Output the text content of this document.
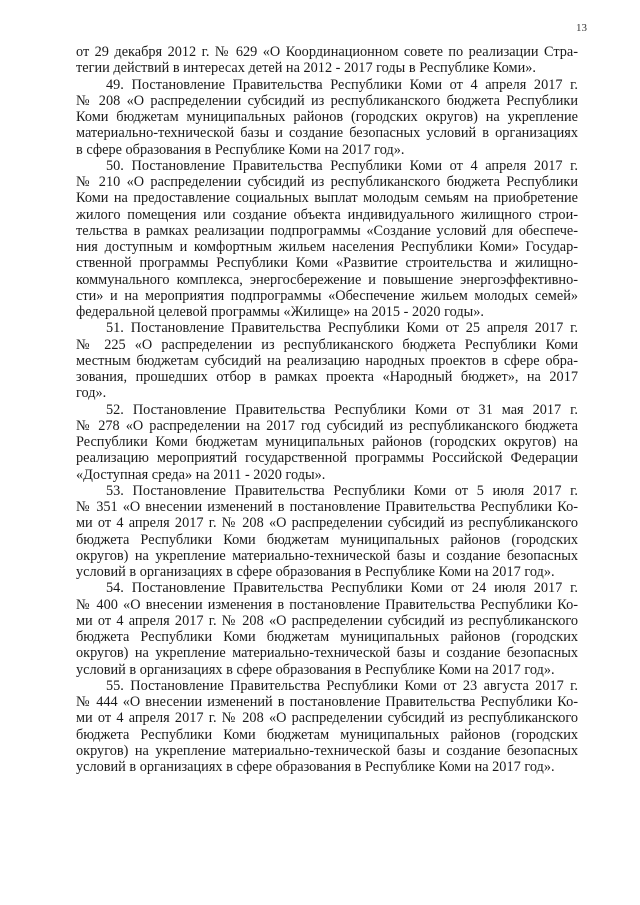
13
от 29 декабря 2012 г. № 629 «О Координационном совете по реализации Стра-
тегии действий в интересах детей на 2012 - 2017 годы в Республике Коми».
49. Постановление Правительства Республики Коми от 4 апреля 2017 г.
№ 208 «О распределении субсидий из республиканского бюджета Республики
Коми бюджетам муниципальных районов (городских округов) на укрепление
материально-технической базы и создание безопасных условий в организациях
в сфере образования в Республике Коми на 2017 год».
50. Постановление Правительства Республики Коми от 4 апреля 2017 г.
№ 210 «О распределении субсидий из республиканского бюджета Республики
Коми на предоставление социальных выплат молодым семьям на приобретение
жилого помещения или создание объекта индивидуального жилищного строи-
тельства в рамках реализации подпрограммы «Создание условий для обеспече-
ния доступным и комфортным жильем населения Республики Коми» Государ-
ственной программы Республики Коми «Развитие строительства и жилищно-
коммунального комплекса, энергосбережение и повышение энергоэффективно-
сти» и на мероприятия подпрограммы «Обеспечение жильем молодых семей»
федеральной целевой программы «Жилище» на 2015 - 2020 годы».
51. Постановление Правительства Республики Коми от 25 апреля 2017 г.
№ 225 «О распределении из республиканского бюджета Республики Коми
местным бюджетам субсидий на реализацию народных проектов в сфере обра-
зования, прошедших отбор в рамках проекта «Народный бюджет», на 2017
год».
52. Постановление Правительства Республики Коми от 31 мая 2017 г.
№ 278 «О распределении на 2017 год субсидий из республиканского бюджета
Республики Коми бюджетам муниципальных районов (городских округов) на
реализацию мероприятий государственной программы Российской Федерации
«Доступная среда» на 2011 - 2020 годы».
53. Постановление Правительства Республики Коми от 5 июля 2017 г.
№ 351 «О внесении изменений в постановление Правительства Республики Ко-
ми от 4 апреля 2017 г. № 208 «О распределении субсидий из республиканского
бюджета Республики Коми бюджетам муниципальных районов (городских
округов) на укрепление материально-технической базы и создание безопасных
условий в организациях в сфере образования в Республике Коми на 2017 год».
54. Постановление Правительства Республики Коми от 24 июля 2017 г.
№ 400 «О внесении изменения в постановление Правительства Республики Ко-
ми от 4 апреля 2017 г. № 208 «О распределении субсидий из республиканского
бюджета Республики Коми бюджетам муниципальных районов (городских
округов) на укрепление материально-технической базы и создание безопасных
условий в организациях в сфере образования в Республике Коми на 2017 год».
55. Постановление Правительства Республики Коми от 23 августа 2017 г.
№ 444 «О внесении изменений в постановление Правительства Республики Ко-
ми от 4 апреля 2017 г. № 208 «О распределении субсидий из республиканского
бюджета Республики Коми бюджетам муниципальных районов (городских
округов) на укрепление материально-технической базы и создание безопасных
условий в организациях в сфере образования в Республике Коми на 2017 год».
